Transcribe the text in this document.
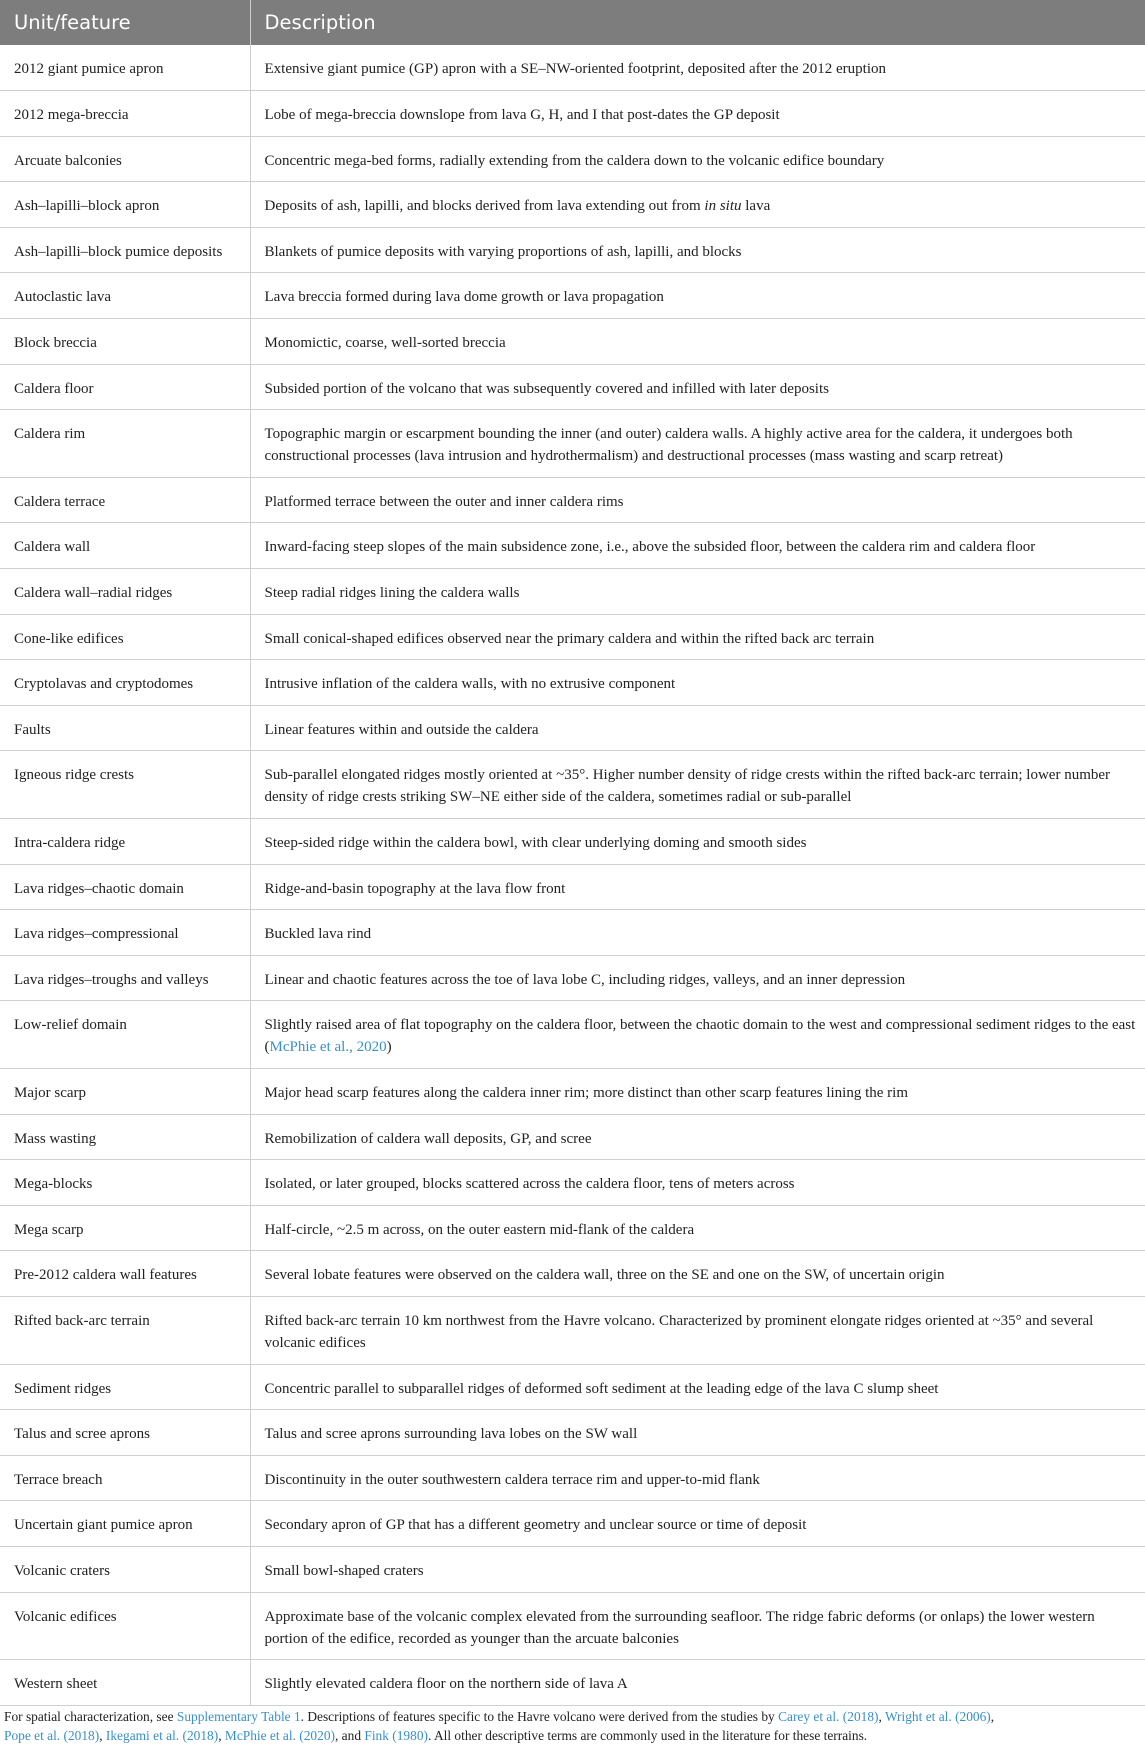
Unit/feature	Description
2012 giant pumice apron	Extensive giant pumice (GP) apron with a SE–NW-oriented footprint, deposited after the 2012 eruption
2012 mega-breccia	Lobe of mega-breccia downslope from lava G, H, and I that post-dates the GP deposit
Arcuate balconies	Concentric mega-bed forms, radially extending from the caldera down to the volcanic edifice boundary
Ash–lapilli–block apron	Deposits of ash, lapilli, and blocks derived from lava extending out from in situ lava
Ash–lapilli–block pumice deposits	Blankets of pumice deposits with varying proportions of ash, lapilli, and blocks
Autoclastic lava	Lava breccia formed during lava dome growth or lava propagation
Block breccia	Monomictic, coarse, well-sorted breccia
Caldera floor	Subsided portion of the volcano that was subsequently covered and infilled with later deposits
Caldera rim	Topographic margin or escarpment bounding the inner (and outer) caldera walls. A highly active area for the caldera, it undergoes both constructional processes (lava intrusion and hydrothermalism) and destructional processes (mass wasting and scarp retreat)
Caldera terrace	Platformed terrace between the outer and inner caldera rims
Caldera wall	Inward-facing steep slopes of the main subsidence zone, i.e., above the subsided floor, between the caldera rim and caldera floor
Caldera wall–radial ridges	Steep radial ridges lining the caldera walls
Cone-like edifices	Small conical-shaped edifices observed near the primary caldera and within the rifted back arc terrain
Cryptolavas and cryptodomes	Intrusive inflation of the caldera walls, with no extrusive component
Faults	Linear features within and outside the caldera
Igneous ridge crests	Sub-parallel elongated ridges mostly oriented at ~35°. Higher number density of ridge crests within the rifted back-arc terrain; lower number density of ridge crests striking SW–NE either side of the caldera, sometimes radial or sub-parallel
Intra-caldera ridge	Steep-sided ridge within the caldera bowl, with clear underlying doming and smooth sides
Lava ridges–chaotic domain	Ridge-and-basin topography at the lava flow front
Lava ridges–compressional	Buckled lava rind
Lava ridges–troughs and valleys	Linear and chaotic features across the toe of lava lobe C, including ridges, valleys, and an inner depression
Low-relief domain	Slightly raised area of flat topography on the caldera floor, between the chaotic domain to the west and compressional sediment ridges to the east (McPhie et al., 2020)
Major scarp	Major head scarp features along the caldera inner rim; more distinct than other scarp features lining the rim
Mass wasting	Remobilization of caldera wall deposits, GP, and scree
Mega-blocks	Isolated, or later grouped, blocks scattered across the caldera floor, tens of meters across
Mega scarp	Half-circle, ~2.5 m across, on the outer eastern mid-flank of the caldera
Pre-2012 caldera wall features	Several lobate features were observed on the caldera wall, three on the SE and one on the SW, of uncertain origin
Rifted back-arc terrain	Rifted back-arc terrain 10 km northwest from the Havre volcano. Characterized by prominent elongate ridges oriented at ~35° and several volcanic edifices
Sediment ridges	Concentric parallel to subparallel ridges of deformed soft sediment at the leading edge of the lava C slump sheet
Talus and scree aprons	Talus and scree aprons surrounding lava lobes on the SW wall
Terrace breach	Discontinuity in the outer southwestern caldera terrace rim and upper-to-mid flank
Uncertain giant pumice apron	Secondary apron of GP that has a different geometry and unclear source or time of deposit
Volcanic craters	Small bowl-shaped craters
Volcanic edifices	Approximate base of the volcanic complex elevated from the surrounding seafloor. The ridge fabric deforms (or onlaps) the lower western portion of the edifice, recorded as younger than the arcuate balconies
Western sheet	Slightly elevated caldera floor on the northern side of lava A
For spatial characterization, see Supplementary Table 1. Descriptions of features specific to the Havre volcano were derived from the studies by Carey et al. (2018), Wright et al. (2006),
Pope et al. (2018), Ikegami et al. (2018), McPhie et al. (2020), and Fink (1980). All other descriptive terms are commonly used in the literature for these terrains.
